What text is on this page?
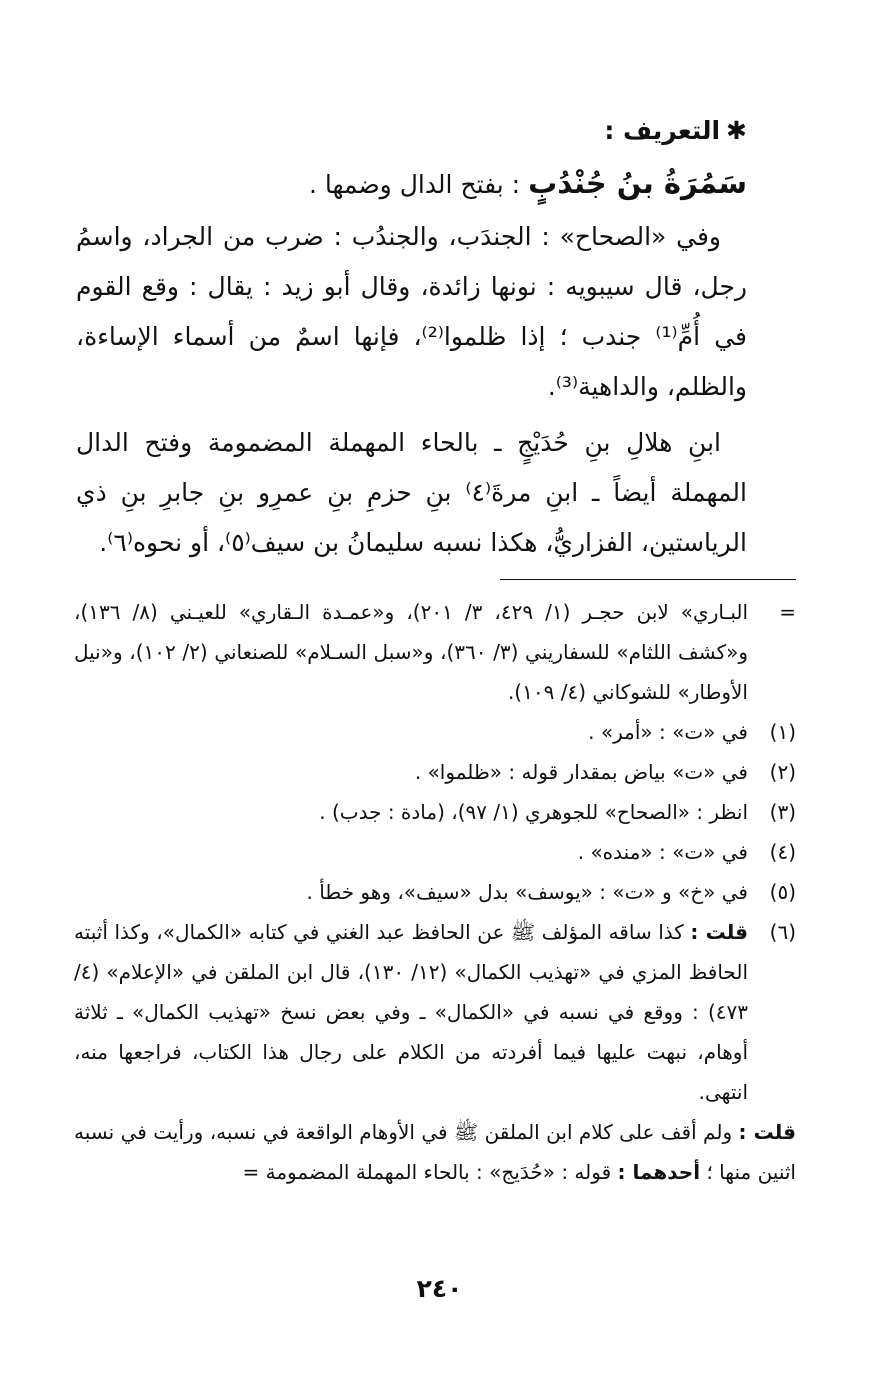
✱التعريف :

سَمُرَةُ بنُ جُنْدُبٍ : بفتح الدال وضمها .

وفي «الصحاح» : الجندَب، والجندُب : ضرب من الجراد، واسمُ رجل، قال سيبويه : نونها زائدة، وقال أبو زيد : يقال : وقع القوم في أُمِّ⁽¹⁾ جندب ؛ إذا ظلموا⁽²⁾، فإنها اسمٌ من أسماء الإساءة، والظلم، والداهية⁽³⁾.

ابنِ هلالِ بنِ حُدَيْجٍ ـ بالحاء المهملة المضمومة وفتح الدال المهملة أيضاً ـ ابنِ مرةَ⁽٤⁾ بنِ حزمِ بنِ عمرِو بنِ جابرِ بنِ ذي الرياستين، الفزاريُّ، هكذا نسبه سليمانُ بن سيف⁽٥⁾، أو نحوه⁽٦⁾.

=
البـاري» لابن حجـر (١/ ٤٢٩، ٣/ ٢٠١)، و«عمـدة الـقاري» للعيـني (٨/ ١٣٦)، و«كشف اللثام» للسفاريني (٣/ ٣٦٠)، و«سبل السـلام» للصنعاني (٢/ ١٠٢)، و«نيل الأوطار» للشوكاني (٤/ ١٠٩).
(١)
في «ت» : «أمر» .
(٢)
في «ت» بياض بمقدار قوله : «ظلموا» .
(٣)
انظر : «الصحاح» للجوهري (١/ ٩٧)، (مادة : جدب) .
(٤)
في «ت» : «منده» .
(٥)
في «خ» و «ت» : «يوسف» بدل «سيف»، وهو خطأ .
(٦)
قلت : كذا ساقه المؤلف ﷺ عن الحافظ عبد الغني في كتابه «الكمال»، وكذا أثبته الحافظ المزي في «تهذيب الكمال» (١٢/ ١٣٠)، قال ابن الملقن في «الإعلام» (٤/ ٤٧٣) : ووقع في نسبه في «الكمال» ـ وفي بعض نسخ «تهذيب الكمال» ـ ثلاثة أوهام، نبهت عليها فيما أفردته من الكلام على رجال هذا الكتاب، فراجعها منه، انتهى.

قلت : ولم أقف على كلام ابن الملقن ﷺ في الأوهام الواقعة في نسبه، ورأيت في نسبه اثنين منها ؛ أحدهما : قوله : «حُدَيج» : بالحاء المهملة المضمومة =

٢٤٠
